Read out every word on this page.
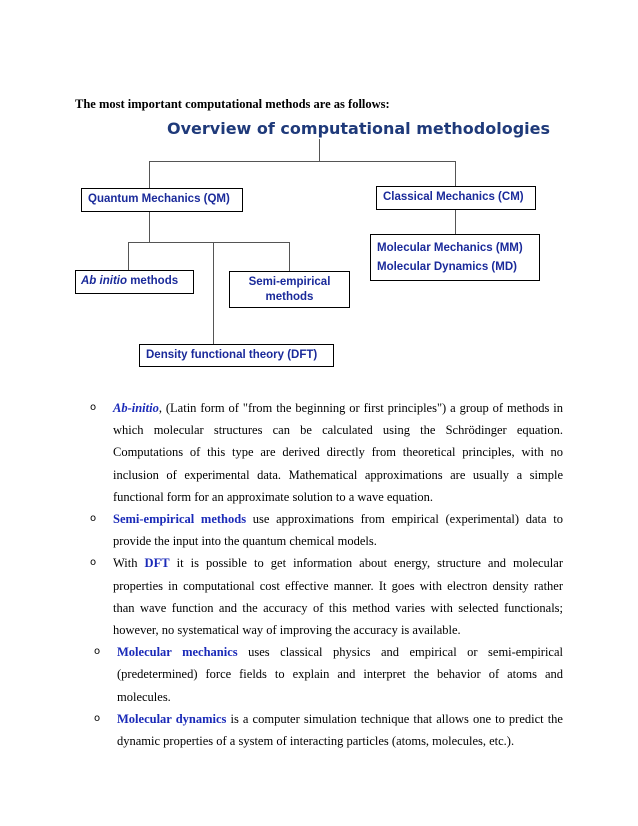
The most important computational methods are as follows:
Overview of computational methodologies
Quantum Mechanics (QM)	Classical Mechanics (CM)
Ab initio methods	Semi-empirical
methods
Density functional theory (DFT)
Molecular Mechanics (MM)
Molecular Dynamics (MD)
o Ab-initio, (Latin form of "from the beginning or first principles") a group of methods in which molecular structures can be calculated using the Schrödinger equation. Computations of this type are derived directly from theoretical principles, with no inclusion of experimental data. Mathematical approximations are usually a simple functional form for an approximate solution to a wave equation.
o Semi-empirical methods use approximations from empirical (experimental) data to provide the input into the quantum chemical models.
o With DFT it is possible to get information about energy, structure and molecular properties in computational cost effective manner. It goes with electron density rather than wave function and the accuracy of this method varies with selected functionals; however, no systematical way of improving the accuracy is available.
o Molecular mechanics uses classical physics and empirical or semi-empirical (predetermined) force fields to explain and interpret the behavior of atoms and molecules.
o Molecular dynamics is a computer simulation technique that allows one to predict the dynamic properties of a system of interacting particles (atoms, molecules, etc.).
